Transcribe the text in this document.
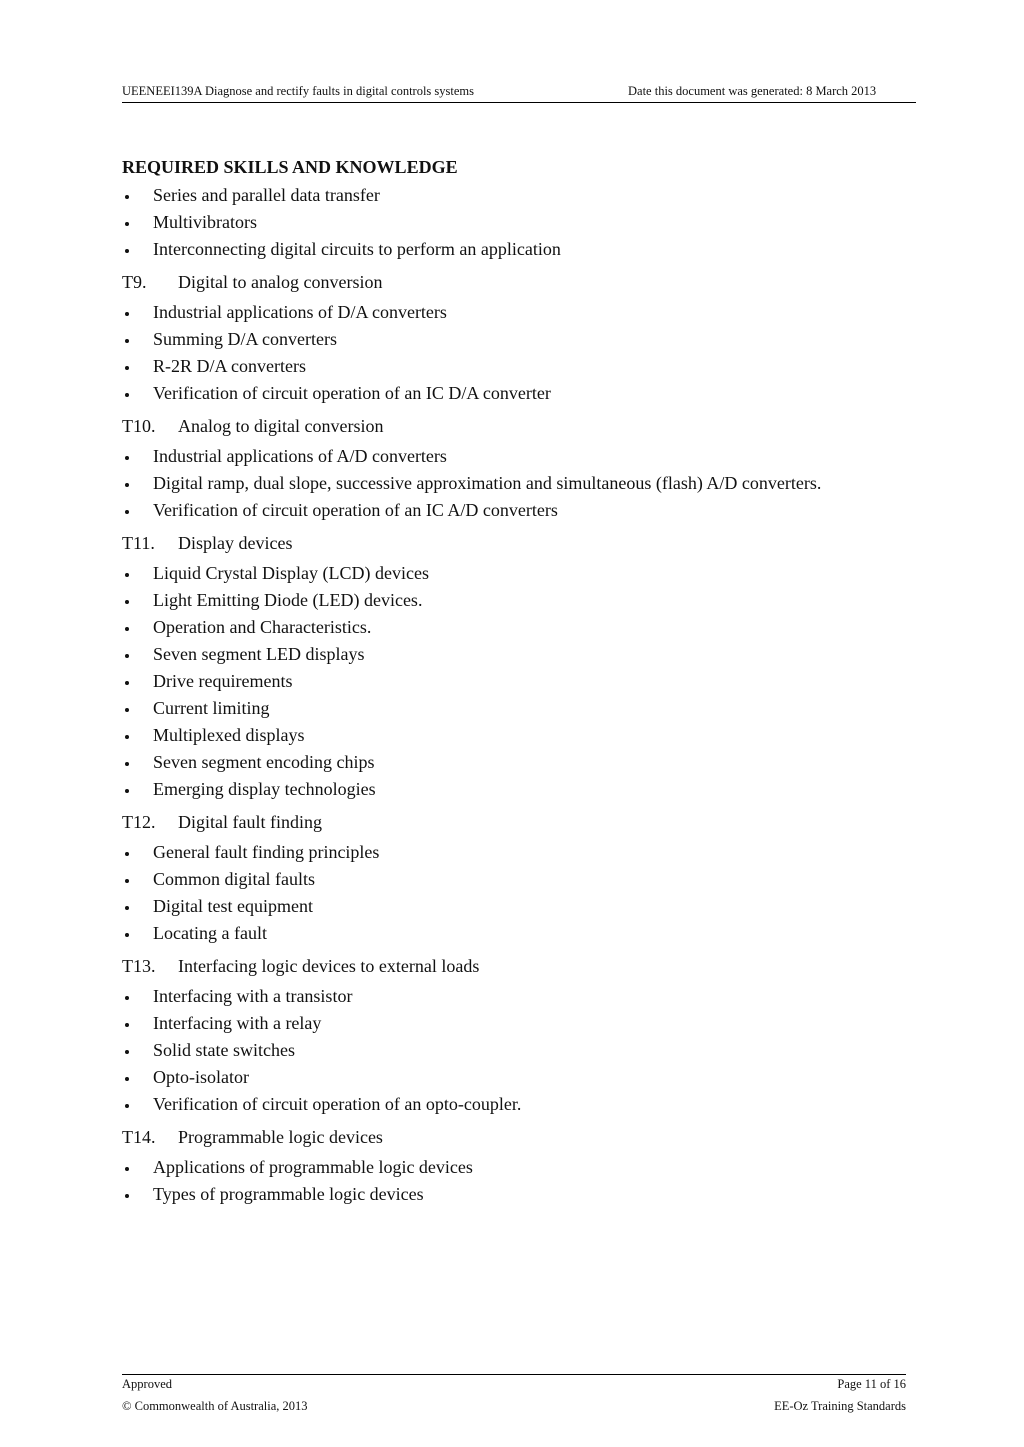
UEENEEI139A Diagnose and rectify faults in digital controls systems	Date this document was generated: 8 March 2013
REQUIRED SKILLS AND KNOWLEDGE
Series and parallel data transfer
Multivibrators
Interconnecting digital circuits to perform an application
T9. Digital to analog conversion
Industrial applications of D/A converters
Summing D/A converters
R-2R D/A converters
Verification of circuit operation of an IC D/A converter
T10. Analog to digital conversion
Industrial applications of A/D converters
Digital ramp, dual slope, successive approximation and simultaneous (flash) A/D converters.
Verification of circuit operation of an IC A/D converters
T11. Display devices
Liquid Crystal Display (LCD) devices
Light Emitting Diode (LED) devices.
Operation and Characteristics.
Seven segment LED displays
Drive requirements
Current limiting
Multiplexed displays
Seven segment encoding chips
Emerging display technologies
T12. Digital fault finding
General fault finding principles
Common digital faults
Digital test equipment
Locating a fault
T13. Interfacing logic devices to external loads
Interfacing with a transistor
Interfacing with a relay
Solid state switches
Opto-isolator
Verification of circuit operation of an opto-coupler.
T14. Programmable logic devices
Applications of programmable logic devices
Types of programmable logic devices
Approved	Page 11 of 16
© Commonwealth of Australia, 2013	EE-Oz Training Standards
